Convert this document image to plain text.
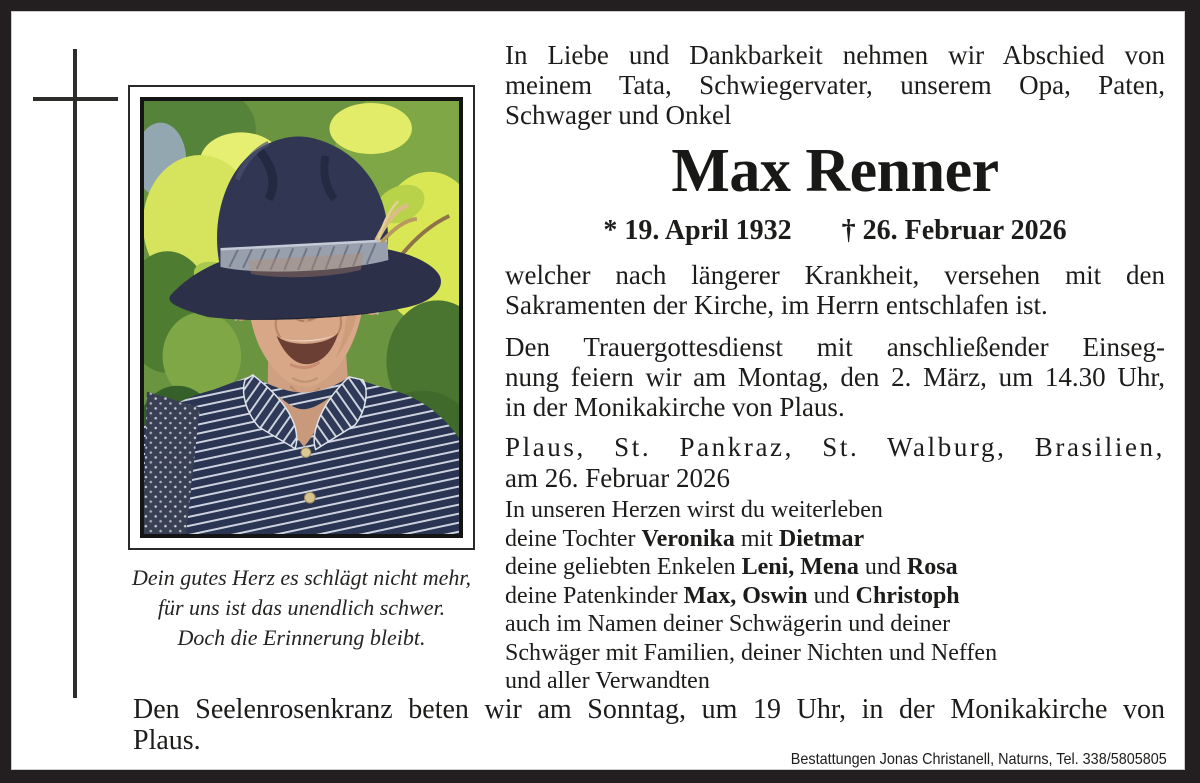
Dein gutes Herz es schlägt nicht mehr,
für uns ist das unendlich schwer.
Doch die Erinnerung bleibt.
In Liebe und Dankbarkeit nehmen wir Abschied von
meinem Tata, Schwiegervater, unserem Opa, Paten,
Schwager und Onkel
Max Renner
* 19. April 1932 † 26. Februar 2026
welcher nach längerer Krankheit, versehen mit den
Sakramenten der Kirche, im Herrn entschlafen ist.
Den Trauergottesdienst mit anschließender Einseg-
nung feiern wir am Montag, den 2. März, um 14.30 Uhr,
in der Monikakirche von Plaus.
Plaus, St. Pankraz, St. Walburg, Brasilien,
am 26. Februar 2026
In unseren Herzen wirst du weiterleben
deine Tochter Veronika mit Dietmar
deine geliebten Enkelen Leni, Mena und Rosa
deine Patenkinder Max, Oswin und Christoph
auch im Namen deiner Schwägerin und deiner
Schwäger mit Familien, deiner Nichten und Neffen
und aller Verwandten
Den Seelenrosenkranz beten wir am Sonntag, um 19 Uhr, in der Monikakirche von
Plaus.
Bestattungen Jonas Christanell, Naturns, Tel. 338/5805805
